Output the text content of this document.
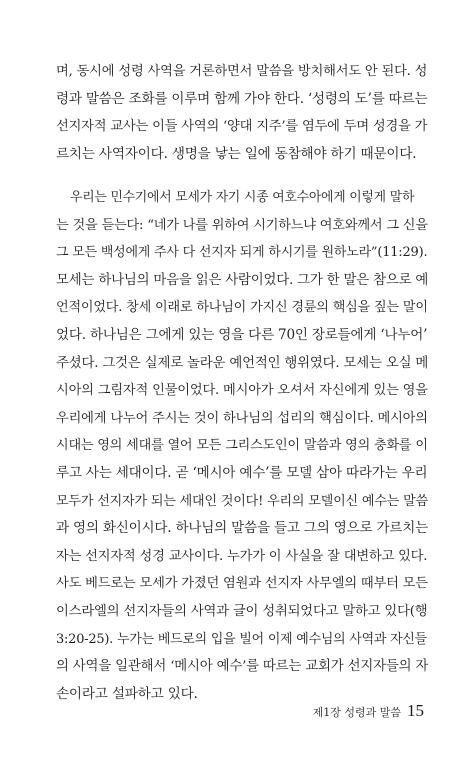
며, 동시에 성령 사역을 거론하면서 말씀을 방치해서도 안 된다. 성
령과 말씀은 조화를 이루며 함께 가야 한다. ‘성령의 도’를 따르는
선지자적 교사는 이들 사역의 ‘양대 지주’를 염두에 두며 성경을 가
르치는 사역자이다. 생명을 낳는 일에 동참해야 하기 때문이다.
우리는 민수기에서 모세가 자기 시종 여호수아에게 이렇게 말하
는 것을 듣는다: “네가 나를 위하여 시기하느냐 여호와께서 그 신을
그 모든 백성에게 주사 다 선지자 되게 하시기를 원하노라”(11:29).
모세는 하나님의 마음을 읽은 사람이었다. 그가 한 말은 참으로 예
언적이었다. 창세 이래로 하나님이 가지신 경륜의 핵심을 짚는 말이
었다. 하나님은 그에게 있는 영을 다른 70인 장로들에게 ‘나누어’
주셨다. 그것은 실제로 놀라운 예언적인 행위였다. 모세는 오실 메
시아의 그림자적 인물이었다. 메시아가 오셔서 자신에게 있는 영을
우리에게 나누어 주시는 것이 하나님의 섭리의 핵심이다. 메시아의
시대는 영의 세대를 열어 모든 그리스도인이 말씀과 영의 충화를 이
루고 사는 세대이다. 곧 ‘메시아 예수’를 모델 삼아 따라가는 우리
모두가 선지자가 되는 세대인 것이다! 우리의 모델이신 예수는 말씀
과 영의 화신이시다. 하나님의 말씀을 들고 그의 영으로 가르치는
자는 선지자적 성경 교사이다. 누가가 이 사실을 잘 대변하고 있다.
사도 베드로는 모세가 가졌던 염원과 선지자 사무엘의 때부터 모든
이스라엘의 선지자들의 사역과 글이 성취되었다고 말하고 있다(행
3:20-25). 누가는 베드로의 입을 빌어 이제 예수님의 사역과 자신들
의 사역을 일관해서 ‘메시아 예수’를 따르는 교회가 선지자들의 자
손이라고 설파하고 있다.
제1장 성령과 말씀 15
